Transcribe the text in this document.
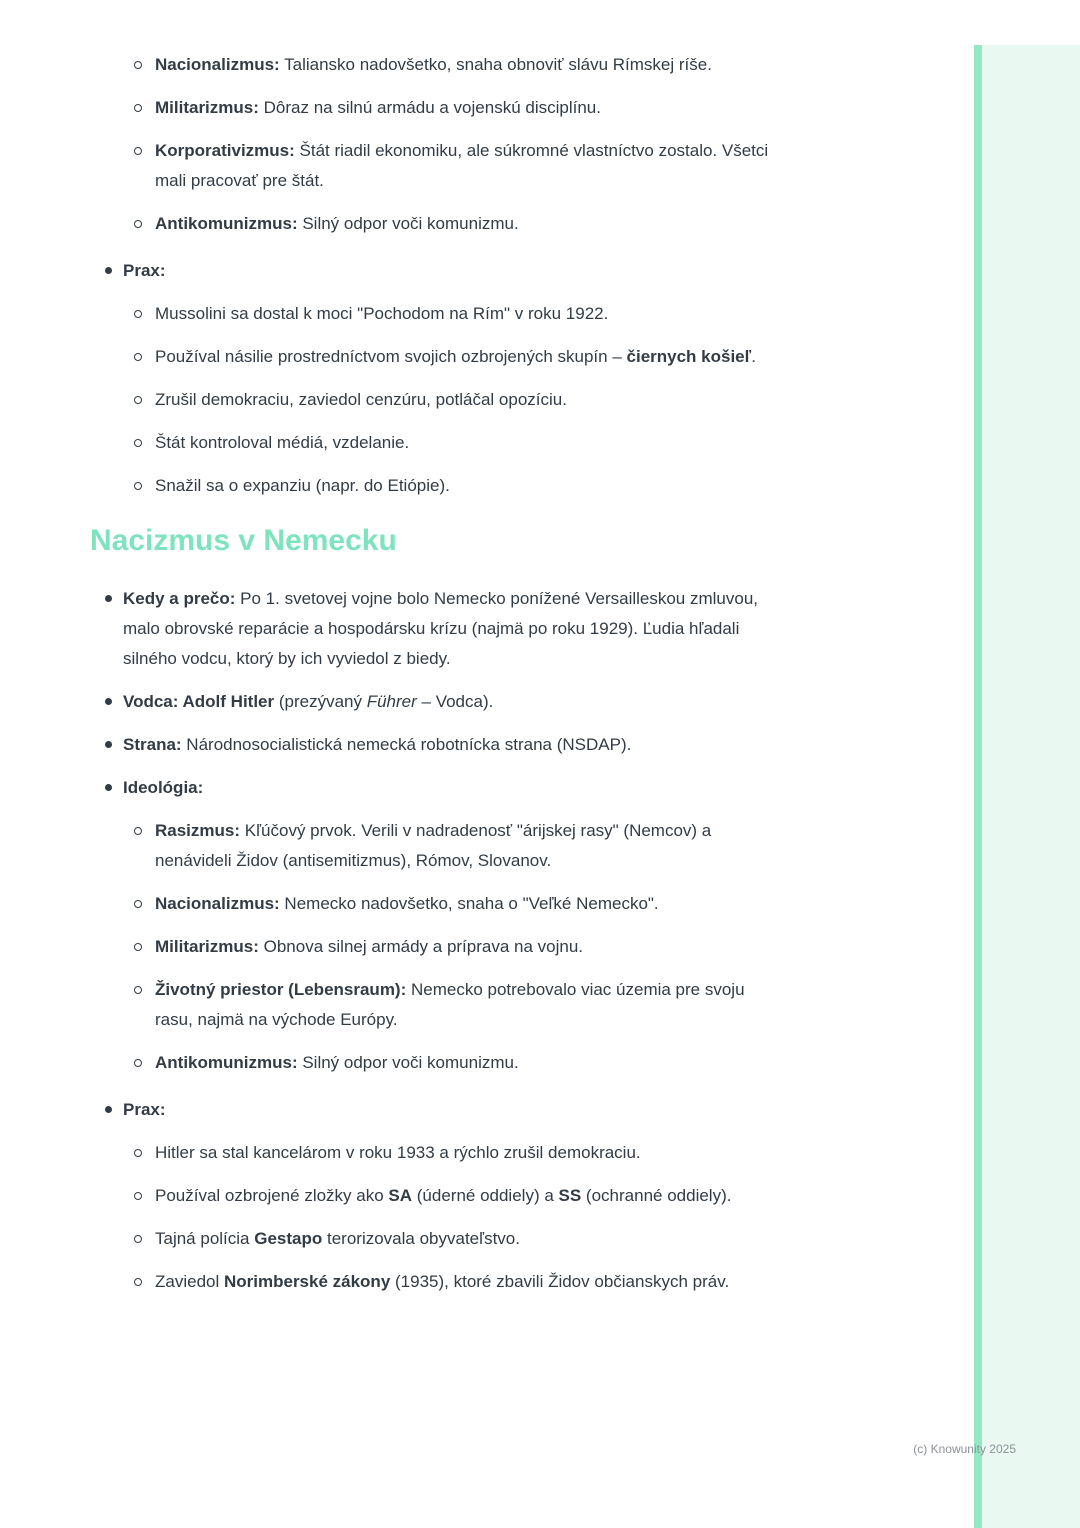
Nacionalizmus: Taliansko nadovšetko, snaha obnoviť slávu Rímskej ríše.
Militarizmus: Dôraz na silnú armádu a vojenskú disciplínu.
Korporativizmus: Štát riadil ekonomiku, ale súkromné vlastníctvo zostalo. Všetci mali pracovať pre štát.
Antikomunizmus: Silný odpor voči komunizmu.
Prax:
Mussolini sa dostal k moci "Pochodom na Rím" v roku 1922.
Používal násilie prostredníctvom svojich ozbrojených skupín – čiernych košieľ.
Zrušil demokraciu, zaviedol cenzúru, potláčal opozíciu.
Štát kontroloval médiá, vzdelanie.
Snažil sa o expanziu (napr. do Etiópie).
Nacizmus v Nemecku
Kedy a prečo: Po 1. svetovej vojne bolo Nemecko ponížené Versailleskou zmluvou, malo obrovské reparácie a hospodársku krízu (najmä po roku 1929). Ľudia hľadali silného vodcu, ktorý by ich vyviedol z biedy.
Vodca: Adolf Hitler (prezývaný Führer – Vodca).
Strana: Národnosocialistická nemecká robotnícka strana (NSDAP).
Ideológia:
Rasizmus: Kľúčový prvok. Verili v nadradenosť "árijskej rasy" (Nemcov) a nenávideli Židov (antisemitizmus), Rómov, Slovanov.
Nacionalizmus: Nemecko nadovšetko, snaha o "Veľké Nemecko".
Militarizmus: Obnova silnej armády a príprava na vojnu.
Životný priestor (Lebensraum): Nemecko potrebovalo viac územia pre svoju rasu, najmä na východe Európy.
Antikomunizmus: Silný odpor voči komunizmu.
Prax:
Hitler sa stal kancelárom v roku 1933 a rýchlo zrušil demokraciu.
Používal ozbrojené zložky ako SA (úderné oddiely) a SS (ochranné oddiely).
Tajná polícia Gestapo terorizovala obyvateľstvo.
Zaviedol Norimberské zákony (1935), ktoré zbavili Židov občianskych práv.
(c) Knowunity 2025
